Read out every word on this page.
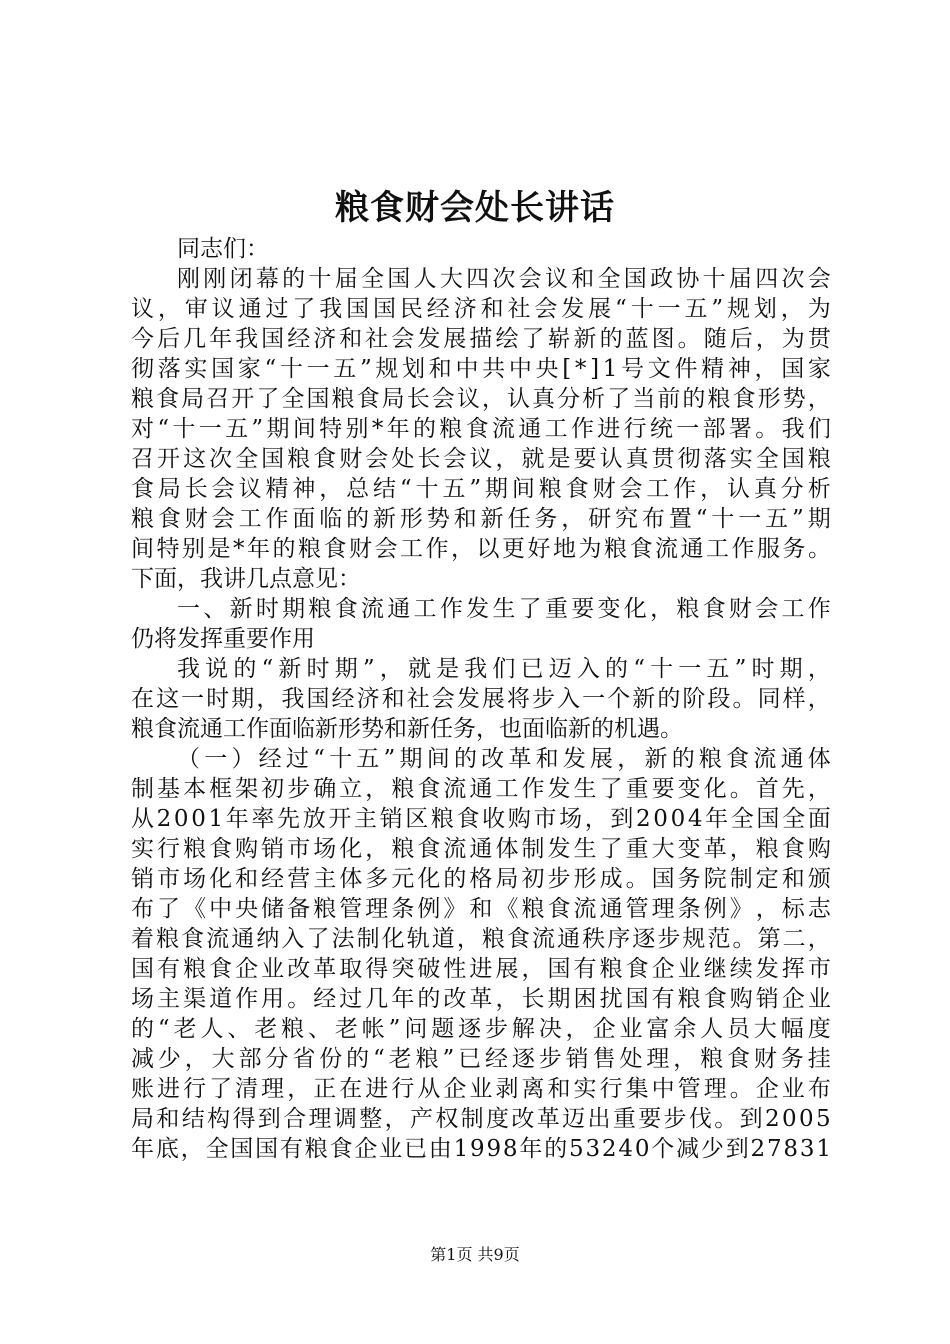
粮食财会处长讲话
同志们：
刚 刚 闭 幕 的 十 届 全 国 人 大 四 次 会 议 和 全 国 政 协 十 届 四 次 会
议 ， 审 议 通 过 了 我 国 国 民 经 济 和 社 会 发 展 “ 十 一 五 ” 规 划 ， 为
今 后 几 年 我 国 经 济 和 社 会 发 展 描 绘 了 崭 新 的 蓝 图 。 随 后 ， 为 贯
彻 落 实 国 家 “ 十 一 五 ” 规 划 和 中 共 中 央 [ * ] 1 号 文 件 精 神 ， 国 家
粮 食 局 召 开 了 全 国 粮 食 局 长 会 议 ， 认 真 分 析 了 当 前 的 粮 食 形 势 ，
对 “ 十 一 五 ” 期 间 特 别 * 年 的 粮 食 流 通 工 作 进 行 统 一 部 署 。 我 们
召 开 这 次 全 国 粮 食 财 会 处 长 会 议 ， 就 是 要 认 真 贯 彻 落 实 全 国 粮
食 局 长 会 议 精 神 ， 总 结 “ 十 五 ” 期 间 粮 食 财 会 工 作 ， 认 真 分 析
粮 食 财 会 工 作 面 临 的 新 形 势 和 新 任 务 ， 研 究 布 置 “ 十 一 五 ” 期
间 特 别 是 * 年 的 粮 食 财 会 工 作 ， 以 更 好 地 为 粮 食 流 通 工 作 服 务 。
下面，我讲几点意见：
一 、 新 时 期 粮 食 流 通 工 作 发 生 了 重 要 变 化 ， 粮 食 财 会 工 作
仍将发挥重要作用
我 说 的 “ 新 时 期 ” ， 就 是 我 们 已 迈 入 的 “ 十 一 五 ” 时 期 ，
在 这 一 时 期 ， 我 国 经 济 和 社 会 发 展 将 步 入 一 个 新 的 阶 段 。 同 样 ，
粮食流通工作面临新形势和新任务，也面临新的机遇。
（ 一 ） 经 过 “ 十 五 ” 期 间 的 改 革 和 发 展 ， 新 的 粮 食 流 通 体
制 基 本 框 架 初 步 确 立 ， 粮 食 流 通 工 作 发 生 了 重 要 变 化 。 首 先 ，
从 2 0 0 1 年 率 先 放 开 主 销 区 粮 食 收 购 市 场 ， 到 2 0 0 4 年 全 国 全 面
实 行 粮 食 购 销 市 场 化 ， 粮 食 流 通 体 制 发 生 了 重 大 变 革 ， 粮 食 购
销 市 场 化 和 经 营 主 体 多 元 化 的 格 局 初 步 形 成 。 国 务 院 制 定 和 颁
布 了 《 中 央 储 备 粮 管 理 条 例 》 和 《 粮 食 流 通 管 理 条 例 》 ， 标 志
着 粮 食 流 通 纳 入 了 法 制 化 轨 道 ， 粮 食 流 通 秩 序 逐 步 规 范 。 第 二 ，
国 有 粮 食 企 业 改 革 取 得 突 破 性 进 展 ， 国 有 粮 食 企 业 继 续 发 挥 市
场 主 渠 道 作 用 。 经 过 几 年 的 改 革 ， 长 期 困 扰 国 有 粮 食 购 销 企 业
的 “ 老 人 、 老 粮 、 老 帐 ” 问 题 逐 步 解 决 ， 企 业 富 余 人 员 大 幅 度
减 少 ， 大 部 分 省 份 的 “ 老 粮 ” 已 经 逐 步 销 售 处 理 ， 粮 食 财 务 挂
账 进 行 了 清 理 ， 正 在 进 行 从 企 业 剥 离 和 实 行 集 中 管 理 。 企 业 布
局 和 结 构 得 到 合 理 调 整 ， 产 权 制 度 改 革 迈 出 重 要 步 伐 。 到 2 0 0 5
年 底 ， 全 国 国 有 粮 食 企 业 已 由 1 9 9 8 年 的 5 3 2 4 0 个 减 少 到 2 7 8 3 1
第1页 共9页
